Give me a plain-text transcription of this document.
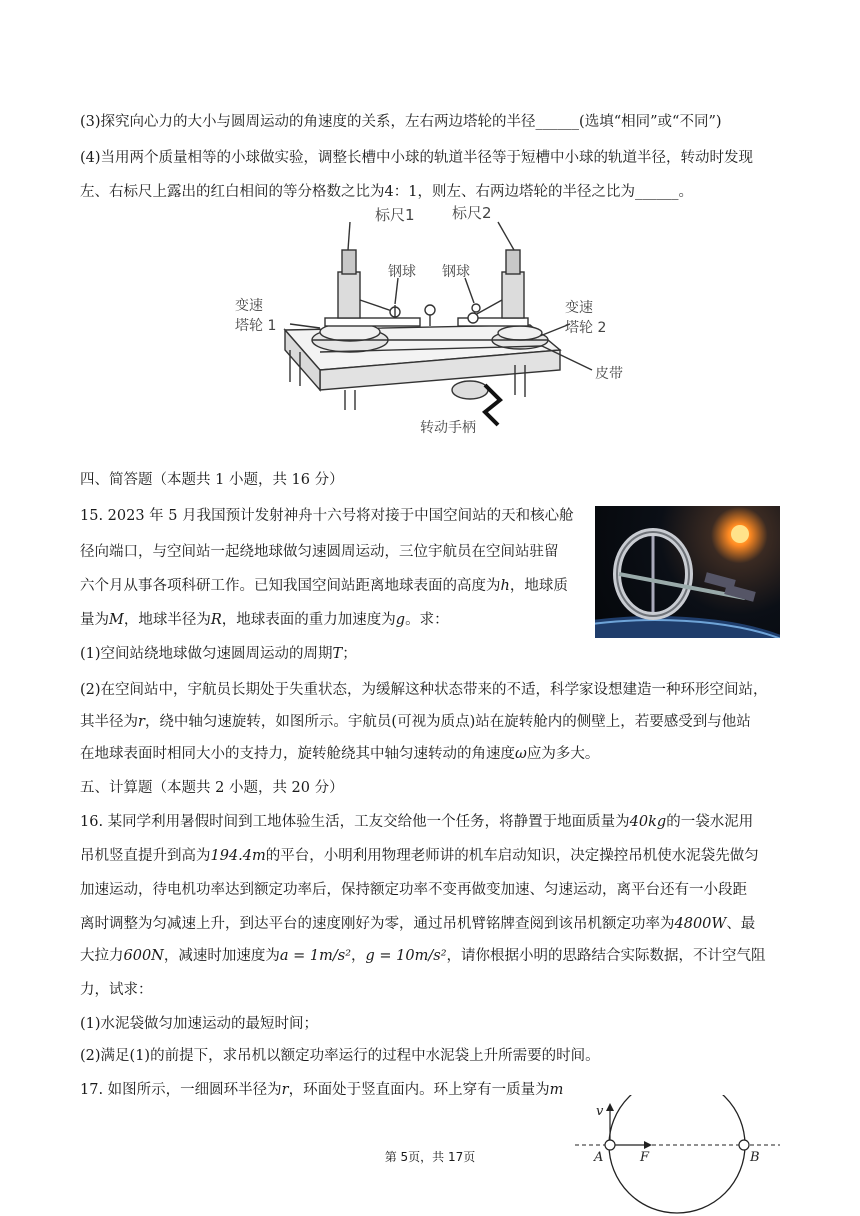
(3)探究向心力的大小与圆周运动的角速度的关系，左右两边塔轮的半径______(选填“相同”或“不同”)
(4)当用两个质量相等的小球做实验，调整长槽中小球的轨道半径等于短槽中小球的轨道半径，转动时发现
左、右标尺上露出的红白相间的等分格数之比为4：1，则左、右两边塔轮的半径之比为______。
标尺1 标尺2
钢球 钢球
变速
塔轮 1
变速
塔轮 2
皮带
转动手柄
四、简答题（本题共 1 小题，共 16 分）
15. 2023 年 5 月我国预计发射神舟十六号将对接于中国空间站的天和核心舱
径向端口，与空间站一起绕地球做匀速圆周运动，三位宇航员在空间站驻留
六个月从事各项科研工作。已知我国空间站距离地球表面的高度为h，地球质
量为M，地球半径为R，地球表面的重力加速度为g。求：
(1)空间站绕地球做匀速圆周运动的周期T；
(2)在空间站中，宇航员长期处于失重状态，为缓解这种状态带来的不适，科学家设想建造一种环形空间站，
其半径为r，绕中轴匀速旋转，如图所示。宇航员(可视为质点)站在旋转舱内的侧壁上，若要感受到与他站
在地球表面时相同大小的支持力，旋转舱绕其中轴匀速转动的角速度ω应为多大。
五、计算题（本题共 2 小题，共 20 分）
16. 某同学利用暑假时间到工地体验生活，工友交给他一个任务，将静置于地面质量为40kg的一袋水泥用
吊机竖直提升到高为194.4m的平台，小明利用物理老师讲的机车启动知识，决定操控吊机使水泥袋先做匀
加速运动，待电机功率达到额定功率后，保持额定功率不变再做变加速、匀速运动，离平台还有一小段距
离时调整为匀减速上升，到达平台的速度刚好为零，通过吊机臂铭牌查阅到该吊机额定功率为4800W、最
大拉力600N，减速时加速度为a = 1m/s²，g = 10m/s²，请你根据小明的思路结合实际数据，不计空气阻
力，试求：
(1)水泥袋做匀加速运动的最短时间；
(2)满足(1)的前提下，求吊机以额定功率运行的过程中水泥袋上升所需要的时间。
17. 如图所示，一细圆环半径为r，环面处于竖直面内。环上穿有一质量为m
v
A	F	B
第 5页，共 17页
